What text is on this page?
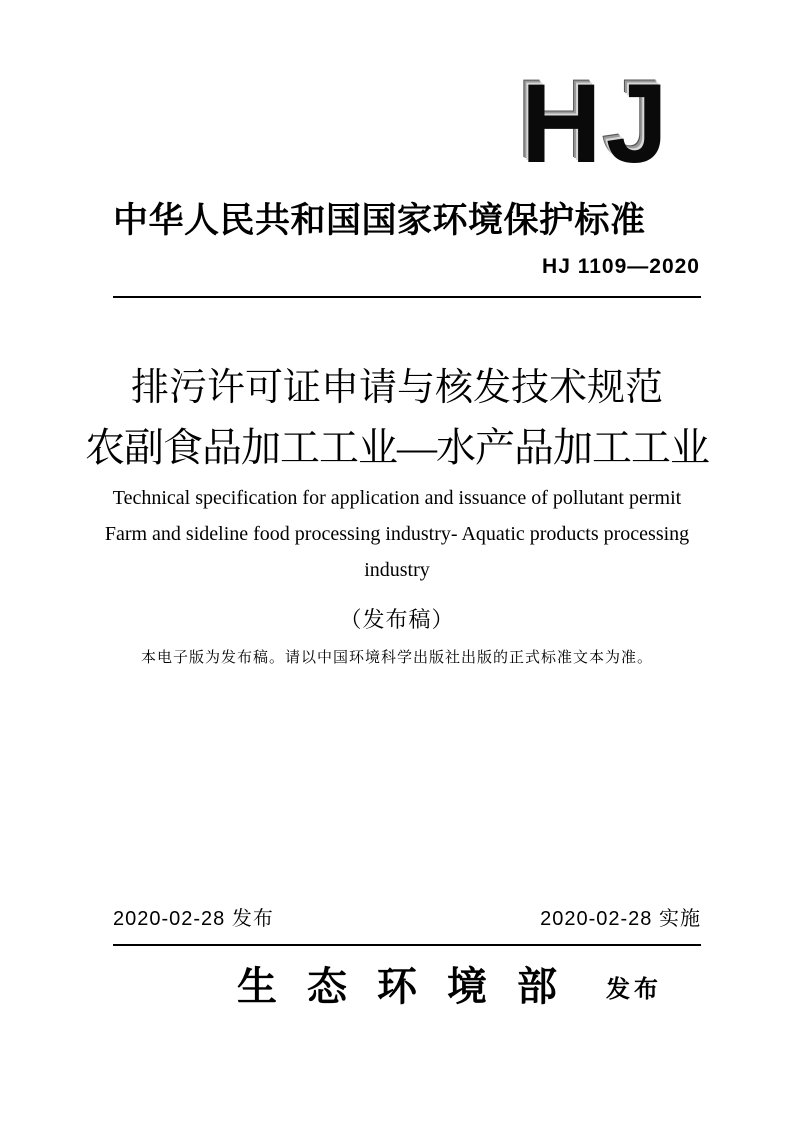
HJ
中华人民共和国国家环境保护标准
HJ 1109—2020
排污许可证申请与核发技术规范
农副食品加工工业—水产品加工工业
Technical specification for application and issuance of pollutant permit
Farm and sideline food processing industry- Aquatic products processing
industry
（发布稿）
本电子版为发布稿。请以中国环境科学出版社出版的正式标准文本为准。
2020-02-28 发布	2020-02-28 实施
生态环境部 发布
